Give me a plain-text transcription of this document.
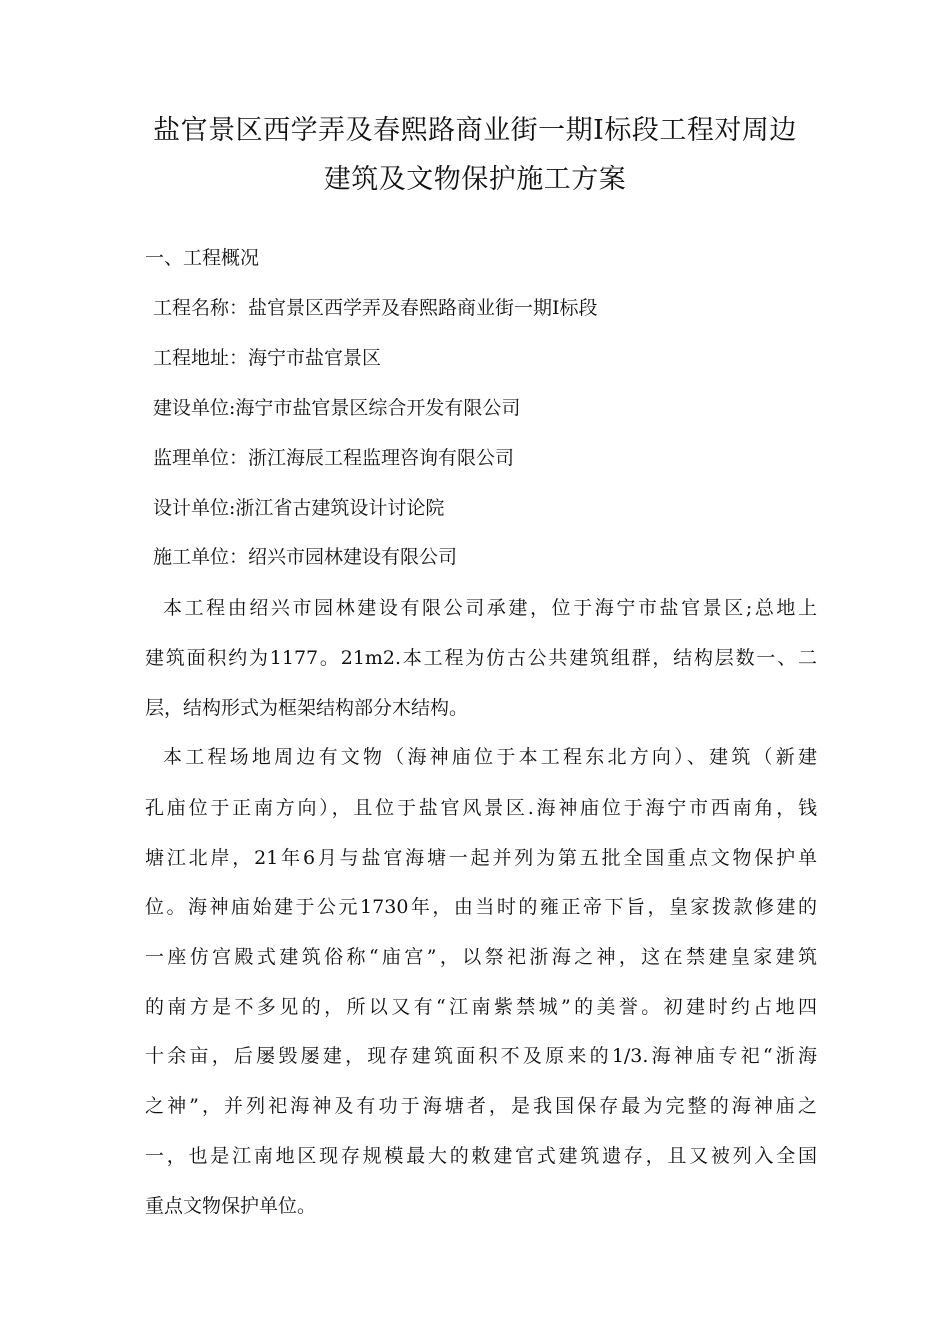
盐官景区西学弄及春熙路商业街一期Ⅰ标段工程对周边
建筑及文物保护施工方案
一、工程概况
工程名称：盐官景区西学弄及春熙路商业街一期Ⅰ标段
工程地址：海宁市盐官景区
建设单位:海宁市盐官景区综合开发有限公司
监理单位：浙江海辰工程监理咨询有限公司
设计单位:浙江省古建筑设计讨论院
施工单位：绍兴市园林建设有限公司
本工程由绍兴市园林建设有限公司承建，位于海宁市盐官景区;总地上
建筑面积约为1177。21m2.本工程为仿古公共建筑组群，结构层数一、二
层，结构形式为框架结构部分木结构。
本工程场地周边有文物（海神庙位于本工程东北方向）、建筑（新建
孔庙位于正南方向），且位于盐官风景区.海神庙位于海宁市西南角，钱
塘江北岸，21年6月与盐官海塘一起并列为第五批全国重点文物保护单
位。海神庙始建于公元1730年，由当时的雍正帝下旨，皇家拨款修建的
一座仿宫殿式建筑俗称“庙宫”，以祭祀浙海之神，这在禁建皇家建筑
的南方是不多见的，所以又有“江南紫禁城”的美誉。初建时约占地四
十余亩，后屡毁屡建，现存建筑面积不及原来的1/3.海神庙专祀“浙海
之神”，并列祀海神及有功于海塘者，是我国保存最为完整的海神庙之
一，也是江南地区现存规模最大的敕建官式建筑遗存，且又被列入全国
重点文物保护单位。
